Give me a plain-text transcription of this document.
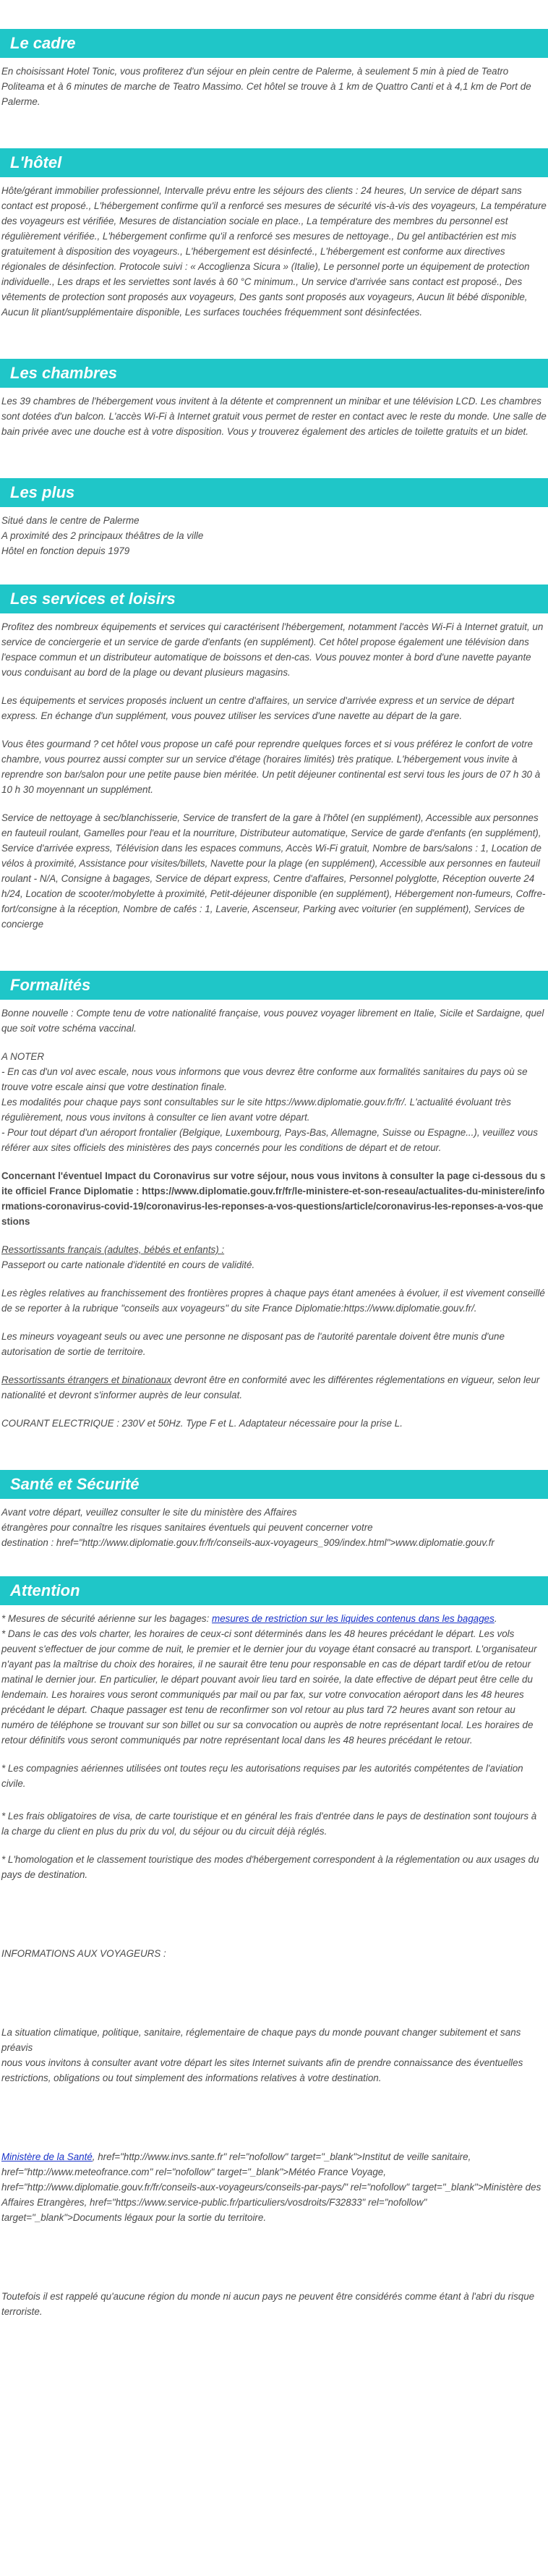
Le cadre

En choisissant Hotel Tonic, vous profiterez d'un séjour en plein centre de Palerme, à seulement 5 min à pied de Teatro Politeama et à 6 minutes de marche de Teatro Massimo. Cet hôtel se trouve à 1 km de Quattro Canti et à 4,1 km de Port de Palerme.

L'hôtel

Hôte/gérant immobilier professionnel, Intervalle prévu entre les séjours des clients : 24 heures, Un service de départ sans contact est proposé., L'hébergement confirme qu'il a renforcé ses mesures de sécurité vis-à-vis des voyageurs, La température des voyageurs est vérifiée, Mesures de distanciation sociale en place., La température des membres du personnel est régulièrement vérifiée., L'hébergement confirme qu'il a renforcé ses mesures de nettoyage., Du gel antibactérien est mis gratuitement à disposition des voyageurs., L'hébergement est désinfecté., L'hébergement est conforme aux directives régionales de désinfection. Protocole suivi : « Accoglienza Sicura » (Italie), Le personnel porte un équipement de protection individuelle., Les draps et les serviettes sont lavés à 60 °C minimum., Un service d'arrivée sans contact est proposé., Des vêtements de protection sont proposés aux voyageurs, Des gants sont proposés aux voyageurs, Aucun lit bébé disponible, Aucun lit pliant/supplémentaire disponible, Les surfaces touchées fréquemment sont désinfectées.

Les chambres

Les 39 chambres de l'hébergement vous invitent à la détente et comprennent un minibar et une télévision LCD. Les chambres sont dotées d'un balcon. L'accès Wi-Fi à Internet gratuit vous permet de rester en contact avec le reste du monde. Une salle de bain privée avec une douche est à votre disposition. Vous y trouverez également des articles de toilette gratuits et un bidet.

Les plus
Situé dans le centre de Palerme
A proximité des 2 principaux théâtres de la ville
Hôtel en fonction depuis 1979
Les services et loisirs

Profitez des nombreux équipements et services qui caractérisent l'hébergement, notamment l'accès Wi-Fi à Internet gratuit, un service de conciergerie et un service de garde d'enfants (en supplément). Cet hôtel propose également une télévision dans l'espace commun et un distributeur automatique de boissons et den-cas. Vous pouvez monter à bord d'une navette payante vous conduisant au bord de la plage ou devant plusieurs magasins.

Les équipements et services proposés incluent un centre d'affaires, un service d'arrivée express et un service de départ express. En échange d'un supplément, vous pouvez utiliser les services d'une navette au départ de la gare.

Vous êtes gourmand ? cet hôtel vous propose un café pour reprendre quelques forces et si vous préférez le confort de votre chambre, vous pourrez aussi compter sur un service d'étage (horaires limités) très pratique. L'hébergement vous invite à reprendre son bar/salon pour une petite pause bien méritée. Un petit déjeuner continental est servi tous les jours de 07 h 30 à 10 h 30 moyennant un supplément.

Service de nettoyage à sec/blanchisserie, Service de transfert de la gare à l'hôtel (en supplément), Accessible aux personnes en fauteuil roulant, Gamelles pour l'eau et la nourriture, Distributeur automatique, Service de garde d'enfants (en supplément), Service d'arrivée express, Télévision dans les espaces communs, Accès Wi-Fi gratuit, Nombre de bars/salons : 1, Location de vélos à proximité, Assistance pour visites/billets, Navette pour la plage (en supplément), Accessible aux personnes en fauteuil roulant - N/A, Consigne à bagages, Service de départ express, Centre d'affaires, Personnel polyglotte, Réception ouverte 24 h/24, Location de scooter/mobylette à proximité, Petit-déjeuner disponible (en supplément), Hébergement non-fumeurs, Coffre-fort/consigne à la réception, Nombre de cafés : 1, Laverie, Ascenseur, Parking avec voiturier (en supplément), Services de concierge

Formalités

Bonne nouvelle : Compte tenu de votre nationalité française, vous pouvez voyager librement en Italie, Sicile et Sardaigne, quel que soit votre schéma vaccinal.

A NOTER
- En cas d'un vol avec escale, nous vous informons que vous devrez être conforme aux formalités sanitaires du pays où se trouve votre escale ainsi que votre destination finale.
Les modalités pour chaque pays sont consultables sur le site https://www.diplomatie.gouv.fr/fr/. L'actualité évoluant très régulièrement, nous vous invitons à consulter ce lien avant votre départ.

- Pour tout départ d'un aéroport frontalier (Belgique, Luxembourg, Pays-Bas, Allemagne, Suisse ou Espagne...), veuillez vous référer aux sites officiels des ministères des pays concernés pour les conditions de départ et de retour.

Concernant l'éventuel Impact du Coronavirus sur votre séjour, nous vous invitons à consulter la page ci-dessous du site officiel France Diplomatie : https://www.diplomatie.gouv.fr/fr/le-ministere-et-son-reseau/actualites-du-ministere/informations-coronavirus-covid-19/coronavirus-les-reponses-a-vos-questions/article/coronavirus-les-reponses-a-vos-questions

Ressortissants français (adultes, bébés et enfants) :

Passeport ou carte nationale d'identité en cours de validité.

Les règles relatives au franchissement des frontières propres à chaque pays étant amenées à évoluer, il est vivement conseillé de se reporter à la rubrique "conseils aux voyageurs" du site France Diplomatie:https://www.diplomatie.gouv.fr/.

Les mineurs voyageant seuls ou avec une personne ne disposant pas de l'autorité parentale doivent être munis d'une autorisation de sortie de territoire.

Ressortissants étrangers et binationaux devront être en conformité avec les différentes réglementations en vigueur, selon leur nationalité et devront s'informer auprès de leur consulat.

COURANT ELECTRIQUE : 230V et 50Hz. Type F et L. Adaptateur nécessaire pour la prise L.

Santé et Sécurité
Avant votre départ, veuillez consulter le site du ministère des Affaires
étrangères pour connaître les risques sanitaires éventuels qui peuvent concerner votre
destination : href="http://www.diplomatie.gouv.fr/fr/conseils-aux-voyageurs_909/index.html">www.diplomatie.gouv.fr
Attention
* Mesures de sécurité aérienne sur les bagages: mesures de restriction sur les liquides contenus dans les bagages.

* Dans le cas des vols charter, les horaires de ceux-ci sont déterminés dans les 48 heures précédant le départ. Les vols peuvent s'effectuer de jour comme de nuit, le premier et le dernier jour du voyage étant consacré au transport. L'organisateur n'ayant pas la maîtrise du choix des horaires, il ne saurait être tenu pour responsable en cas de départ tardif et/ou de retour matinal le dernier jour. En particulier, le départ pouvant avoir lieu tard en soirée, la date effective de départ peut être celle du lendemain. Les horaires vous seront communiqués par mail ou par fax, sur votre convocation aéroport dans les 48 heures précédant le départ. Chaque passager est tenu de reconfirmer son vol retour au plus tard 72 heures avant son retour au numéro de téléphone se trouvant sur son billet ou sur sa convocation ou auprès de notre représentant local. Les horaires de retour définitifs vous seront communiqués par notre représentant local dans les 48 heures précédant le retour.

* Les compagnies aériennes utilisées ont toutes reçu les autorisations requises par les autorités compétentes de l'aviation civile.

* Les frais obligatoires de visa, de carte touristique et en général les frais d'entrée dans le pays de destination sont toujours à la charge du client en plus du prix du vol, du séjour ou du circuit déjà réglés.

* L'homologation et le classement touristique des modes d'hébergement correspondent à la réglementation ou aux usages du pays de destination.

INFORMATIONS AUX VOYAGEURS :

La situation climatique, politique, sanitaire, réglementaire de chaque pays du monde pouvant changer subitement et sans préavis

nous vous invitons à consulter avant votre départ les sites Internet suivants afin de prendre connaissance des éventuelles restrictions, obligations ou tout simplement des informations relatives à votre destination.

Ministère de la Santé, href="http://www.invs.sante.fr" rel="nofollow" target="_blank">Institut de veille sanitaire, href="http://www.meteofrance.com" rel="nofollow" target="_blank">Météo France Voyage, href="http://www.diplomatie.gouv.fr/fr/conseils-aux-voyageurs/conseils-par-pays/" rel="nofollow" target="_blank">Ministère des Affaires Etrangères, href="https://www.service-public.fr/particuliers/vosdroits/F32833" rel="nofollow" target="_blank">Documents légaux pour la sortie du territoire.

Toutefois il est rappelé qu'aucune région du monde ni aucun pays ne peuvent être considérés comme étant à l'abri du risque terroriste.
